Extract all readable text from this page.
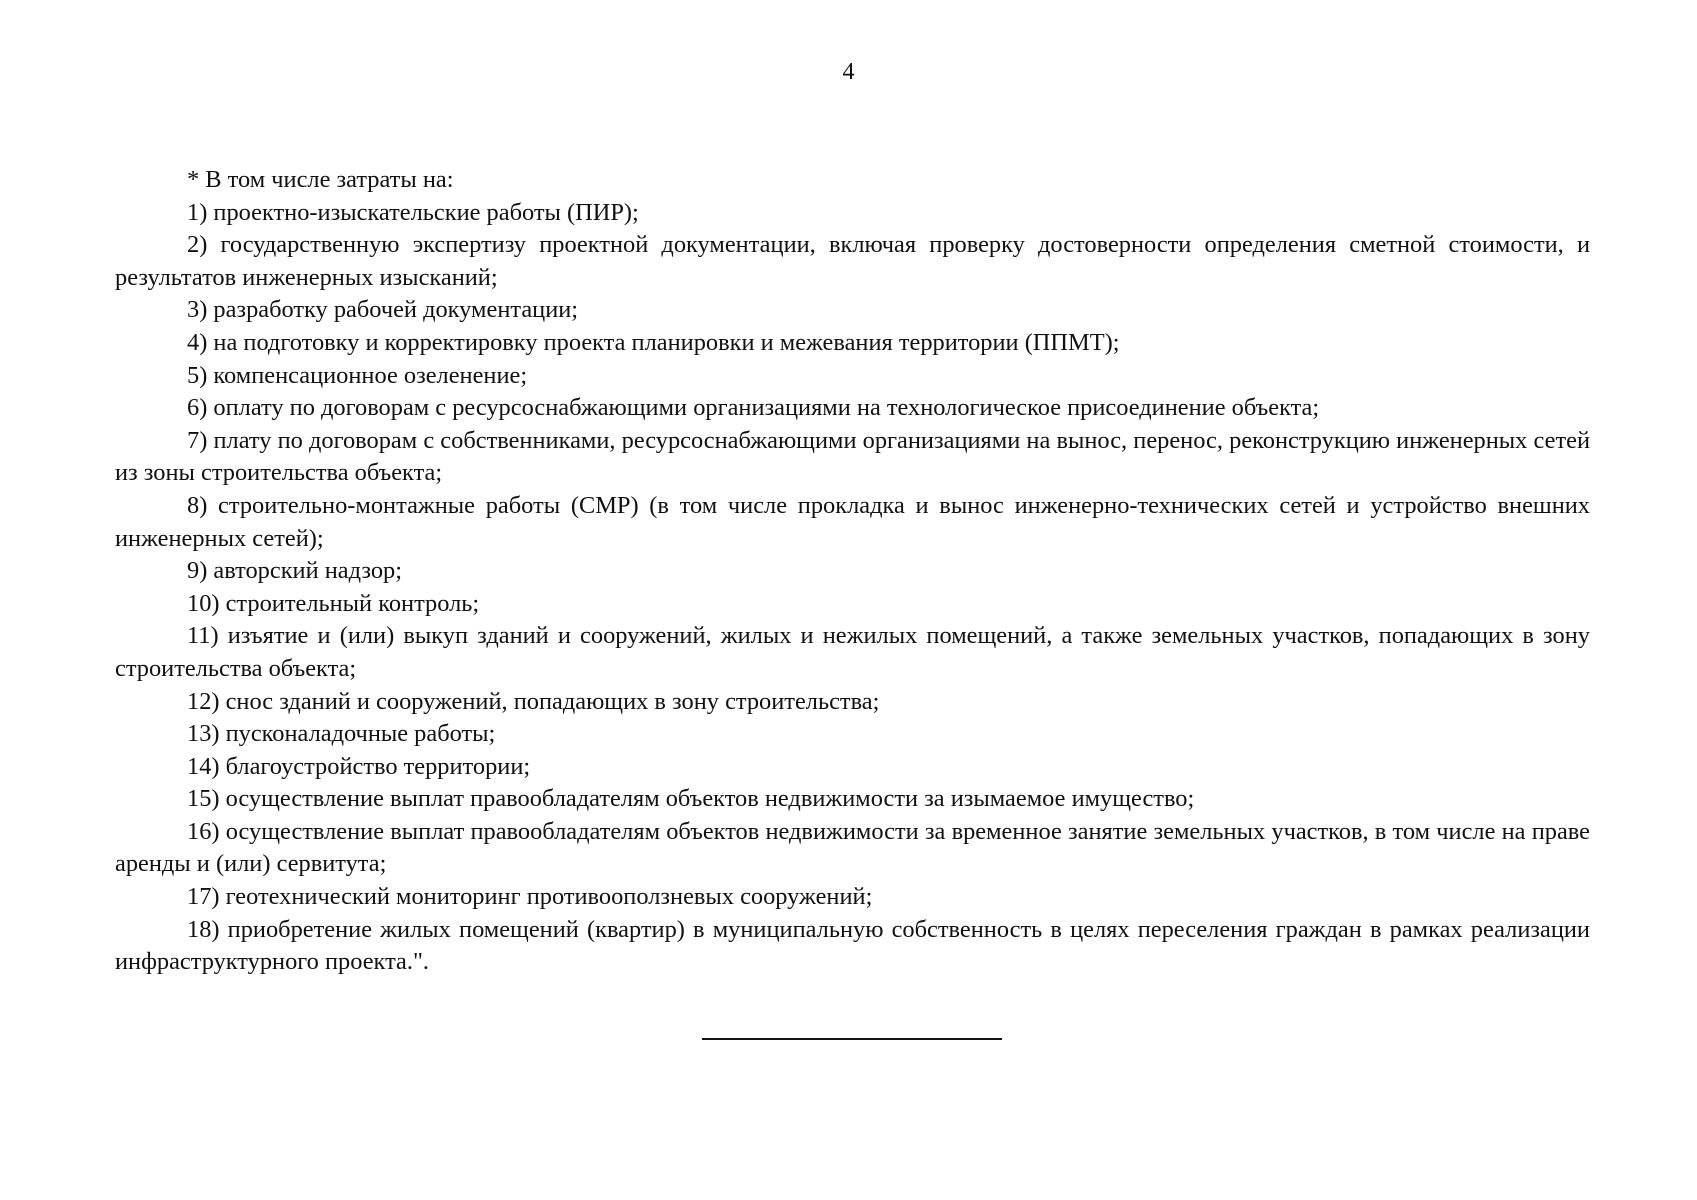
4

* В том числе затраты на:

1) проектно-изыскательские работы (ПИР);

2) государственную экспертизу проектной документации, включая проверку достоверности определения сметной стоимости, и результатов инженерных изысканий;

3) разработку рабочей документации;

4) на подготовку и корректировку проекта планировки и межевания территории (ППМТ);

5) компенсационное озеленение;

6) оплату по договорам с ресурсоснабжающими организациями на технологическое присоединение объекта;

7) плату по договорам с собственниками, ресурсоснабжающими организациями на вынос, перенос, реконструкцию инженерных сетей из зоны строительства объекта;

8) строительно-монтажные работы (СМР) (в том числе прокладка и вынос инженерно-технических сетей и устройство внешних инженерных сетей);

9) авторский надзор;

10) строительный контроль;

11) изъятие и (или) выкуп зданий и сооружений, жилых и нежилых помещений, а также земельных участков, попадающих в зону строительства объекта;

12) снос зданий и сооружений, попадающих в зону строительства;

13) пусконаладочные работы;

14) благоустройство территории;

15) осуществление выплат правообладателям объектов недвижимости за изымаемое имущество;

16) осуществление выплат правообладателям объектов недвижимости за временное занятие земельных участков, в том числе на праве аренды и (или) сервитута;

17) геотехнический мониторинг противооползневых сооружений;

18) приобретение жилых помещений (квартир) в муниципальную собственность в целях переселения граждан в рамках реализации инфраструктурного проекта.".
